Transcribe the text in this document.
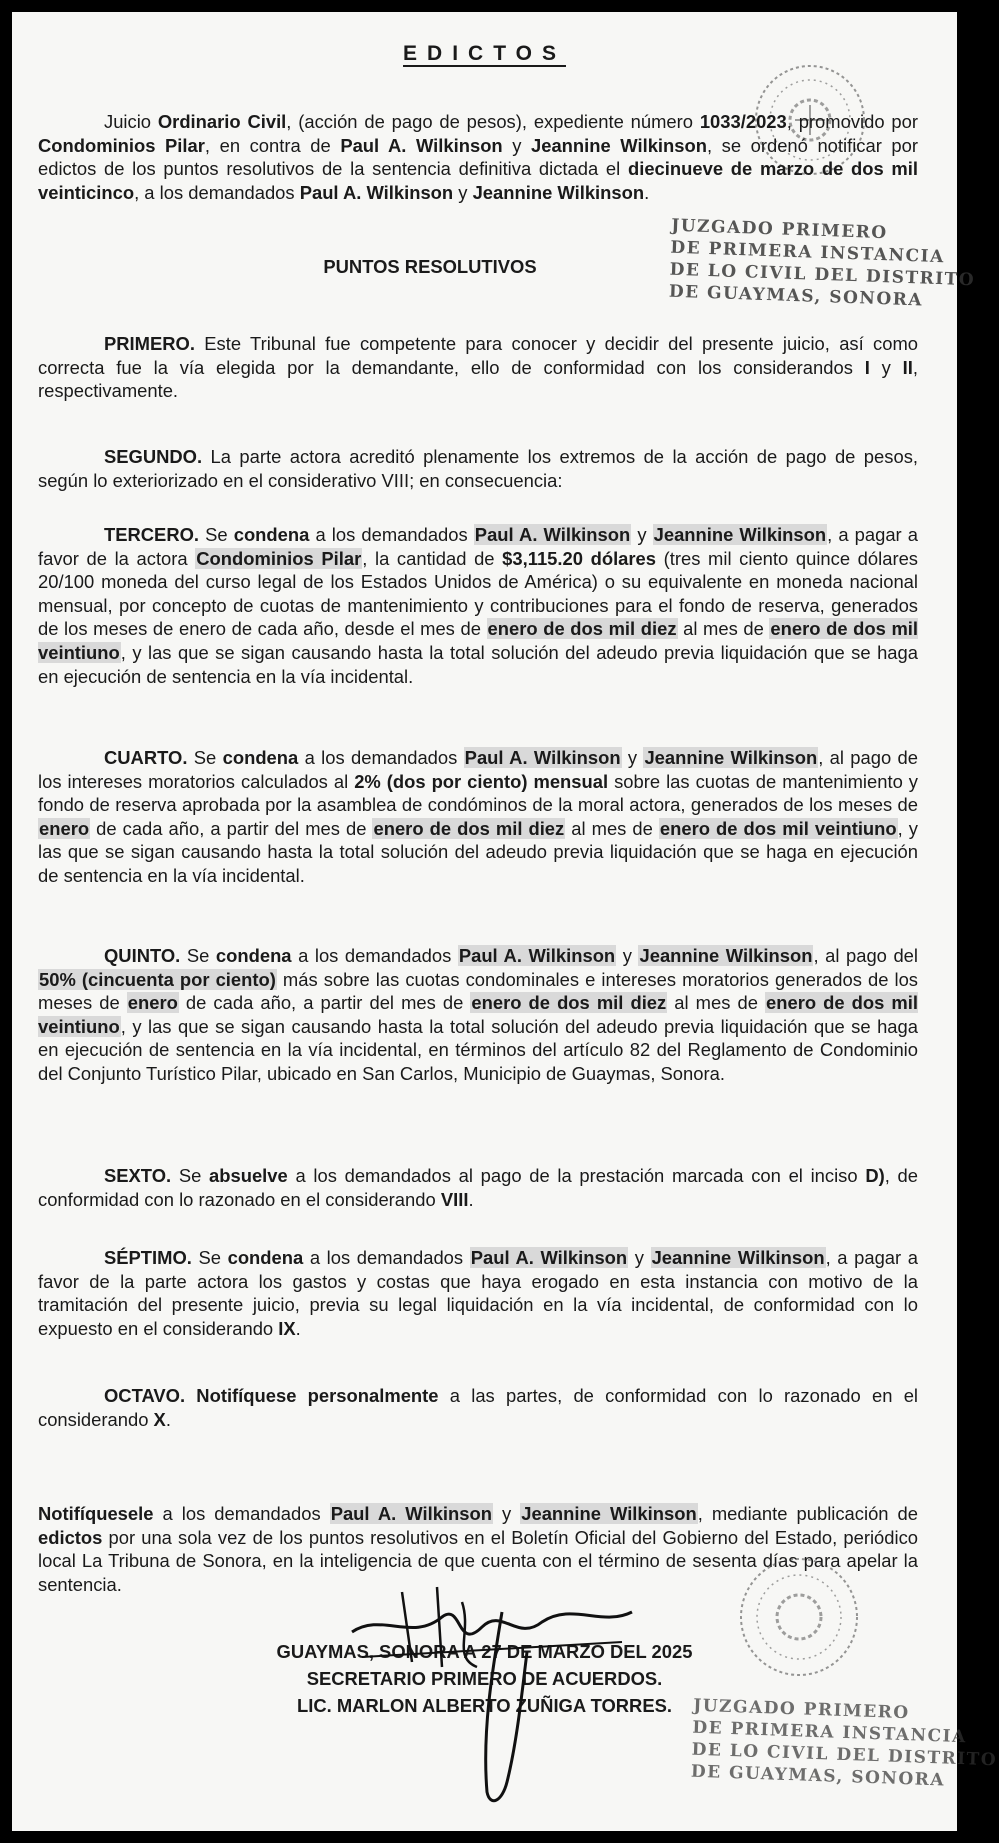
EDICTOS
Juicio Ordinario Civil, (acción de pago de pesos), expediente número 1033/2023, promovido por Condominios Pilar, en contra de Paul A. Wilkinson y Jeannine Wilkinson, se ordenó notificar por edictos de los puntos resolutivos de la sentencia definitiva dictada el diecinueve de marzo de dos mil veinticinco, a los demandados Paul A. Wilkinson y Jeannine Wilkinson.
PUNTOS RESOLUTIVOS
JUZGADO PRIMERO
DE PRIMERA INSTANCIA
DE LO CIVIL DEL DISTRITO
DE GUAYMAS, SONORA
PRIMERO. Este Tribunal fue competente para conocer y decidir del presente juicio, así como correcta fue la vía elegida por la demandante, ello de conformidad con los considerandos I y II, respectivamente.
SEGUNDO. La parte actora acreditó plenamente los extremos de la acción de pago de pesos, según lo exteriorizado en el considerativo VIII; en consecuencia:
TERCERO. Se condena a los demandados Paul A. Wilkinson y Jeannine Wilkinson, a pagar a favor de la actora Condominios Pilar, la cantidad de $3,115.20 dólares (tres mil ciento quince dólares 20/100 moneda del curso legal de los Estados Unidos de América) o su equivalente en moneda nacional mensual, por concepto de cuotas de mantenimiento y contribuciones para el fondo de reserva, generados de los meses de enero de cada año, desde el mes de enero de dos mil diez al mes de enero de dos mil veintiuno, y las que se sigan causando hasta la total solución del adeudo previa liquidación que se haga en ejecución de sentencia en la vía incidental.
CUARTO. Se condena a los demandados Paul A. Wilkinson y Jeannine Wilkinson, al pago de los intereses moratorios calculados al 2% (dos por ciento) mensual sobre las cuotas de mantenimiento y fondo de reserva aprobada por la asamblea de condóminos de la moral actora, generados de los meses de enero de cada año, a partir del mes de enero de dos mil diez al mes de enero de dos mil veintiuno, y las que se sigan causando hasta la total solución del adeudo previa liquidación que se haga en ejecución de sentencia en la vía incidental.
QUINTO. Se condena a los demandados Paul A. Wilkinson y Jeannine Wilkinson, al pago del 50% (cincuenta por ciento) más sobre las cuotas condominales e intereses moratorios generados de los meses de enero de cada año, a partir del mes de enero de dos mil diez al mes de enero de dos mil veintiuno, y las que se sigan causando hasta la total solución del adeudo previa liquidación que se haga en ejecución de sentencia en la vía incidental, en términos del artículo 82 del Reglamento de Condominio del Conjunto Turístico Pilar, ubicado en San Carlos, Municipio de Guaymas, Sonora.
SEXTO. Se absuelve a los demandados al pago de la prestación marcada con el inciso D), de conformidad con lo razonado en el considerando VIII.
SÉPTIMO. Se condena a los demandados Paul A. Wilkinson y Jeannine Wilkinson, a pagar a favor de la parte actora los gastos y costas que haya erogado en esta instancia con motivo de la tramitación del presente juicio, previa su legal liquidación en la vía incidental, de conformidad con lo expuesto en el considerando IX.
OCTAVO. Notifíquese personalmente a las partes, de conformidad con lo razonado en el considerando X.
Notifíquesele a los demandados Paul A. Wilkinson y Jeannine Wilkinson, mediante publicación de edictos por una sola vez de los puntos resolutivos en el Boletín Oficial del Gobierno del Estado, periódico local La Tribuna de Sonora, en la inteligencia de que cuenta con el término de sesenta días para apelar la sentencia.
GUAYMAS, SONORA A 27 DE MARZO DEL 2025
SECRETARIO PRIMERO DE ACUERDOS.
LIC. MARLON ALBERTO ZUÑIGA TORRES.	JUZGADO PRIMERO
DE PRIMERA INSTANCIA
DE LO CIVIL DEL DISTRITO
DE GUAYMAS, SONORA
